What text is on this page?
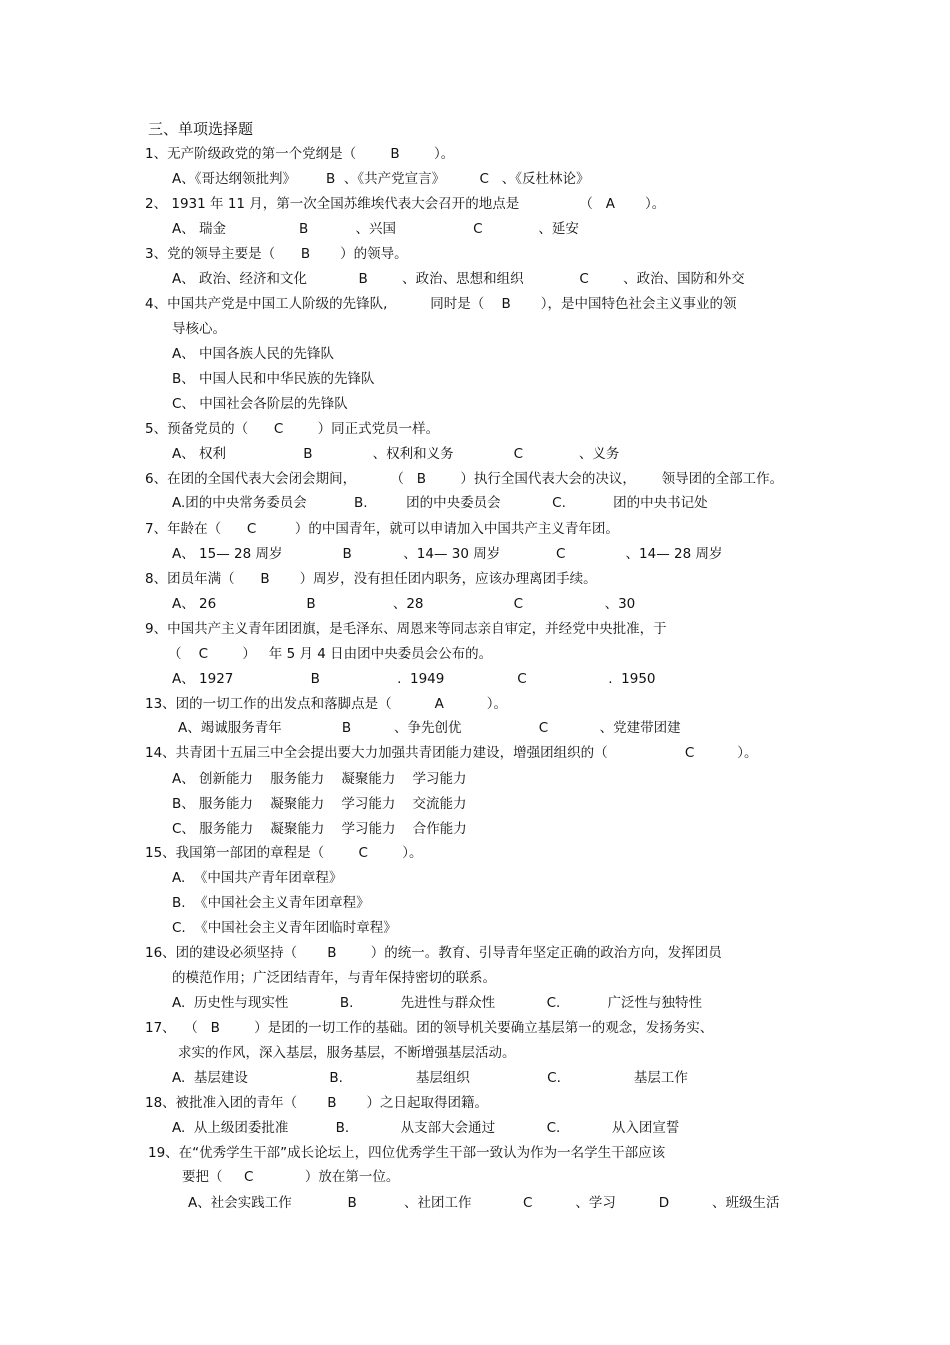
三、单项选择题
1、无产阶级政党的第一个党纲是（        B        ）。
A、《哥达纲领批判》       B  、《共产党宣言》        C   、《反杜林论》
2、 1931 年 11 月，第一次全国苏维埃代表大会召开的地点是              （   A       ）。
A、 瑞金                 B           、兴国                  C             、延安
3、党的领导主要是（      B       ）的领导。
A、 政治、经济和文化            B        、政治、思想和组织             C        、政治、国防和外交
4、中国共产党是中国工人阶级的先锋队,          同时是（    B       ），是中国特色社会主义事业的领
导核心。
A、 中国各族人民的先锋队
B、 中国人民和中华民族的先锋队
C、 中国社会各阶层的先锋队
5、预备党员的（      C        ）同正式党员一样。
A、 权利                  B              、权利和义务              C             、义务
6、在团的全国代表大会闭会期间，        （   B        ）执行全国代表大会的决议，      领导团的全部工作。
A.团的中央常务委员会           B.         团的中央委员会            C.           团的中央书记处
7、年龄在（      C         ）的中国青年，就可以申请加入中国共产主义青年团。
A、 15— 28 周岁              B            、14— 30 周岁             C              、14— 28 周岁
8、团员年满（      B       ）周岁，没有担任团内职务，应该办理离团手续。
A、 26                     B                  、28                     C                   、30
9、中国共产主义青年团团旗，是毛泽东、周恩来等同志亲自审定，并经党中央批准，于
（    C        ）   年 5 月 4 日由团中央委员会公布的。
A、 1927                  B                  .  1949                 C                   .  1950
13、团的一切工作的出发点和落脚点是（          A          ）。
A、竭诚服务青年              B          、争先创优                  C            、党建带团建
14、共青团十五届三中全会提出要大力加强共青团能力建设，增强团组织的（                  C          ）。
A、 创新能力    服务能力    凝聚能力    学习能力
B、 服务能力    凝聚能力    学习能力    交流能力
C、 服务能力    凝聚能力    学习能力    合作能力
15、我国第一部团的章程是（        C        ）。
A.  《中国共产青年团章程》
B.  《中国社会主义青年团章程》
C.  《中国社会主义青年团临时章程》
16、团的建设必须坚持（       B        ）的统一。教育、引导青年坚定正确的政治方向，发挥团员
的模范作用；广泛团结青年，与青年保持密切的联系。
A.  历史性与现实性            B.           先进性与群众性            C.           广泛性与独特性
17、  （   B        ）是团的一切工作的基础。团的领导机关要确立基层第一的观念，发扬务实、
求实的作风，深入基层，服务基层，不断增强基层活动。
A.  基层建设                   B.                 基层组织                  C.                 基层工作
18、被批准入团的青年（       B       ）之日起取得团籍。
A.  从上级团委批准           B.            从支部大会通过            C.            从入团宣誓
19、在“优秀学生干部”成长论坛上，四位优秀学生干部一致认为作为一名学生干部应该
要把（     C            ）放在第一位。
A、社会实践工作             B           、社团工作            C          、学习          D          、班级生活
